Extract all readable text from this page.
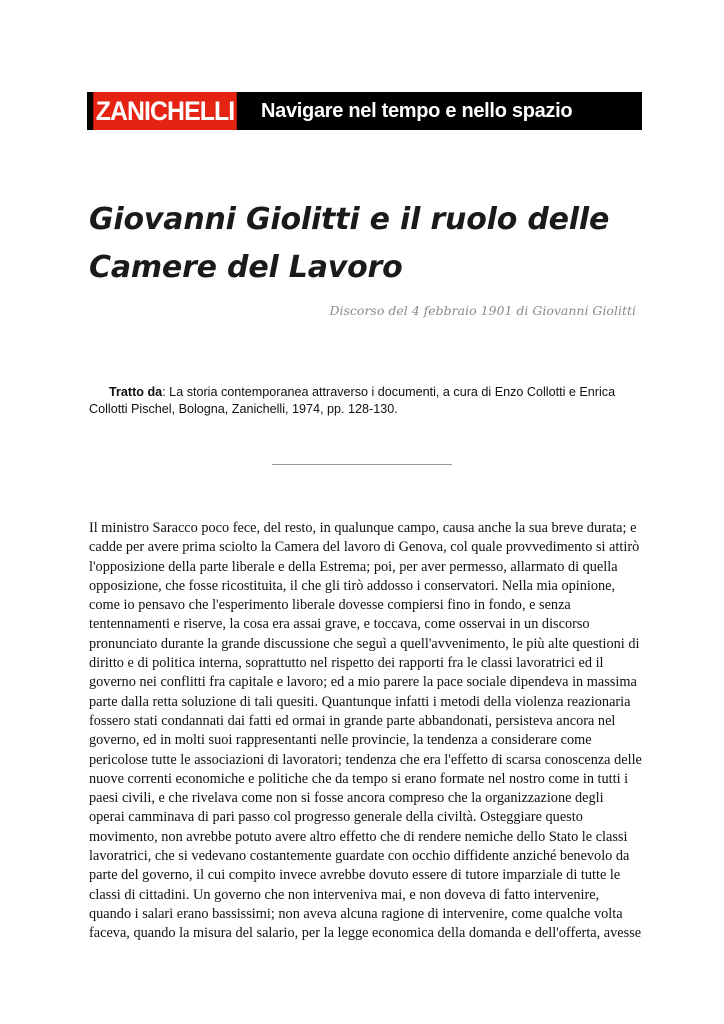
ZANICHELLI	Navigare nel tempo e nello spazio
Giovanni Giolitti e il ruolo delle
Camere del Lavoro

Discorso del 4 febbraio 1901 di Giovanni Giolitti

Tratto da: La storia contemporanea attraverso i documenti, a cura di Enzo Collotti e Enrica Collotti Pischel, Bologna, Zanichelli, 1974, pp. 128-130.

Il ministro Saracco poco fece, del resto, in qualunque campo, causa anche la sua breve durata; e
cadde per avere prima sciolto la Camera del lavoro di Genova, col quale provvedimento si attirò
l'opposizione della parte liberale e della Estrema; poi, per aver permesso, allarmato di quella
opposizione, che fosse ricostituita, il che gli tirò addosso i conservatori. Nella mia opinione,
come io pensavo che l'esperimento liberale dovesse compiersi fino in fondo, e senza
tentennamenti e riserve, la cosa era assai grave, e toccava, come osservai in un discorso
pronunciato durante la grande discussione che seguì a quell'avvenimento, le più alte questioni di
diritto e di politica interna, soprattutto nel rispetto dei rapporti fra le classi lavoratrici ed il
governo nei conflitti fra capitale e lavoro; ed a mio parere la pace sociale dipendeva in massima
parte dalla retta soluzione di tali quesiti. Quantunque infatti i metodi della violenza reazionaria
fossero stati condannati dai fatti ed ormai in grande parte abbandonati, persisteva ancora nel
governo, ed in molti suoi rappresentanti nelle provincie, la tendenza a considerare come
pericolose tutte le associazioni di lavoratori; tendenza che era l'effetto di scarsa conoscenza delle
nuove correnti economiche e politiche che da tempo si erano formate nel nostro come in tutti i
paesi civili, e che rivelava come non si fosse ancora compreso che la organizzazione degli
operai camminava di pari passo col progresso generale della civiltà. Osteggiare questo
movimento, non avrebbe potuto avere altro effetto che di rendere nemiche dello Stato le classi
lavoratrici, che si vedevano costantemente guardate con occhio diffidente anziché benevolo da
parte del governo, il cui compito invece avrebbe dovuto essere di tutore imparziale di tutte le
classi di cittadini. Un governo che non interveniva mai, e non doveva di fatto intervenire,
quando i salari erano bassissimi; non aveva alcuna ragione di intervenire, come qualche volta
faceva, quando la misura del salario, per la legge economica della domanda e dell'offerta, avesse
